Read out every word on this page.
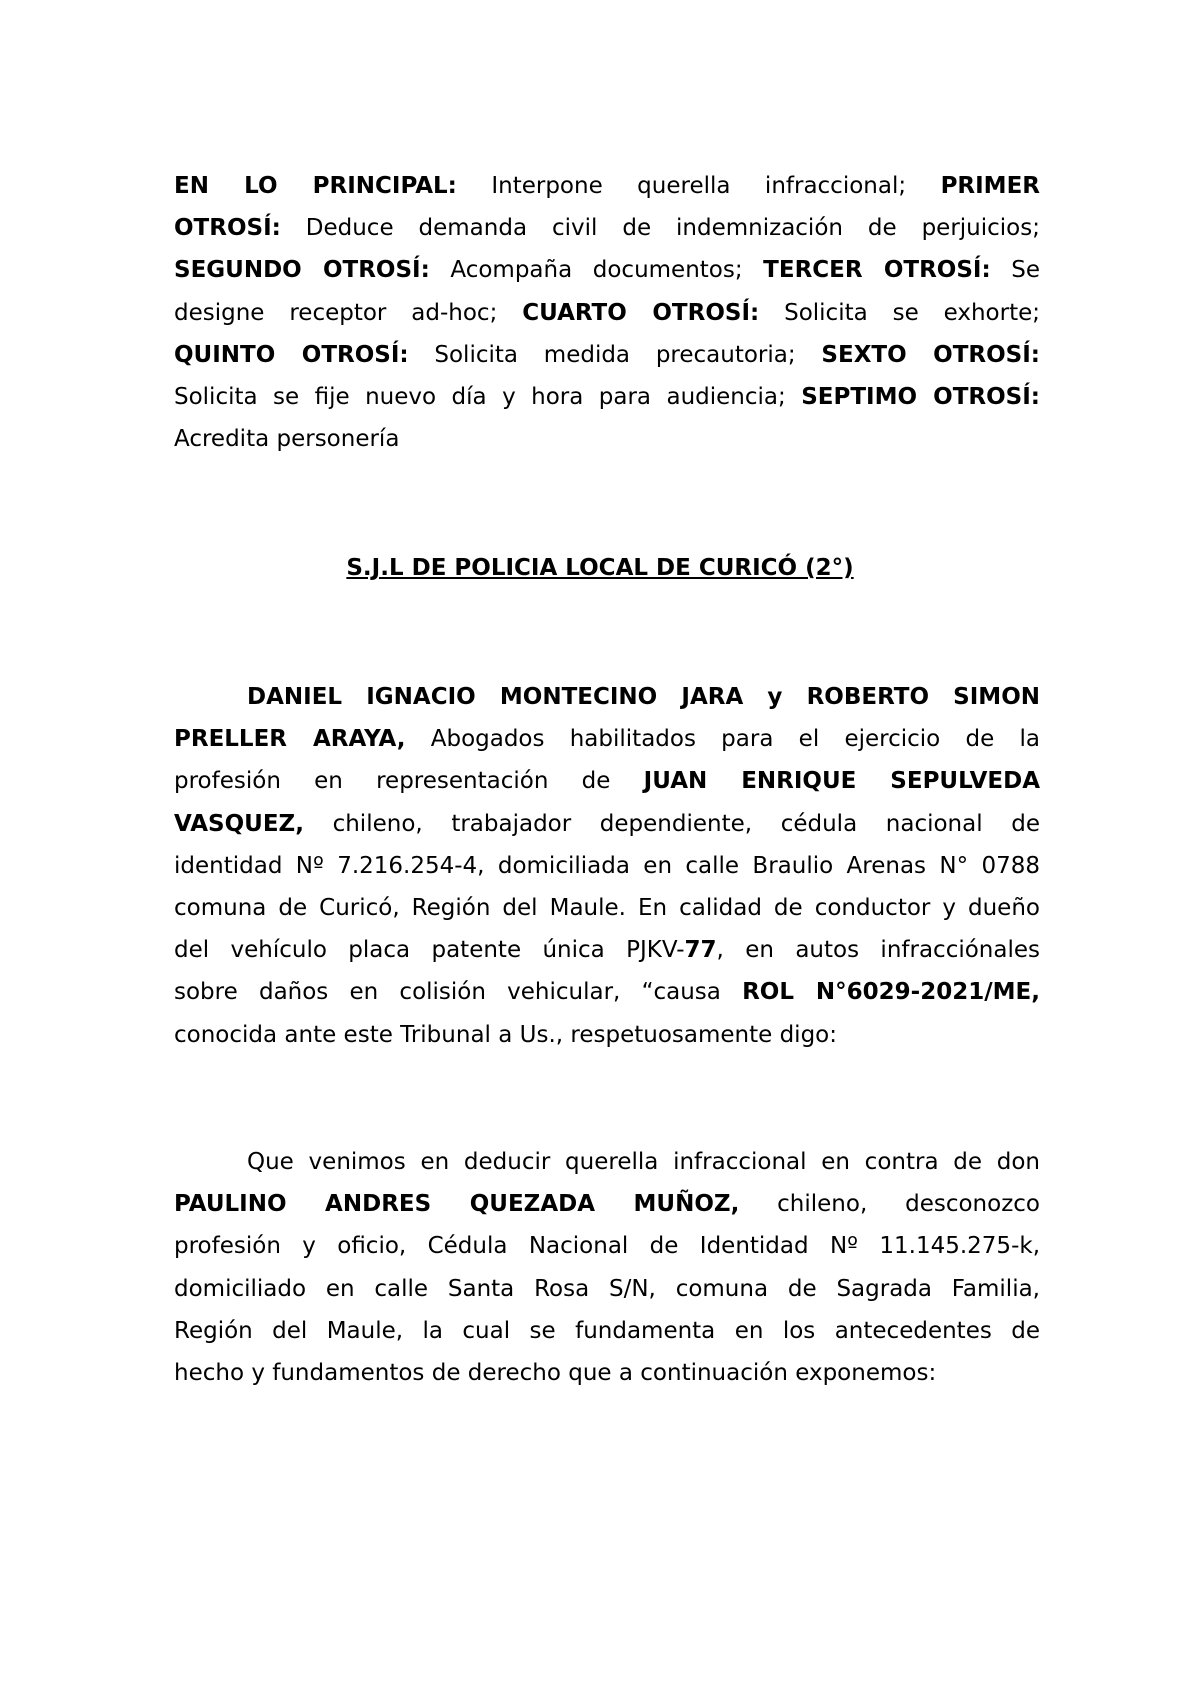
EN LO PRINCIPAL: Interpone querella infraccional; PRIMER
OTROSÍ: Deduce demanda civil de indemnización de perjuicios;
SEGUNDO OTROSÍ: Acompaña documentos; TERCER OTROSÍ: Se
designe receptor ad-hoc; CUARTO OTROSÍ: Solicita se exhorte;
QUINTO OTROSÍ: Solicita medida precautoria; SEXTO OTROSÍ:
Solicita se fije nuevo día y hora para audiencia; SEPTIMO OTROSÍ:
Acredita personería
S.J.L DE POLICIA LOCAL DE CURICÓ (2°)
DANIEL IGNACIO MONTECINO JARA y ROBERTO SIMON
PRELLER ARAYA, Abogados habilitados para el ejercicio de la
profesión en representación de JUAN ENRIQUE SEPULVEDA
VASQUEZ, chileno, trabajador dependiente, cédula nacional de
identidad Nº 7.216.254-4, domiciliada en calle Braulio Arenas N° 0788
comuna de Curicó, Región del Maule. En calidad de conductor y dueño
del vehículo placa patente única PJKV-77, en autos infracciónales
sobre daños en colisión vehicular, “causa ROL N°6029-2021/ME,
conocida ante este Tribunal a Us., respetuosamente digo:
Que venimos en deducir querella infraccional en contra de don
PAULINO ANDRES QUEZADA MUÑOZ, chileno, desconozco
profesión y oficio, Cédula Nacional de Identidad Nº 11.145.275-k,
domiciliado en calle Santa Rosa S/N, comuna de Sagrada Familia,
Región del Maule, la cual se fundamenta en los antecedentes de
hecho y fundamentos de derecho que a continuación exponemos:
